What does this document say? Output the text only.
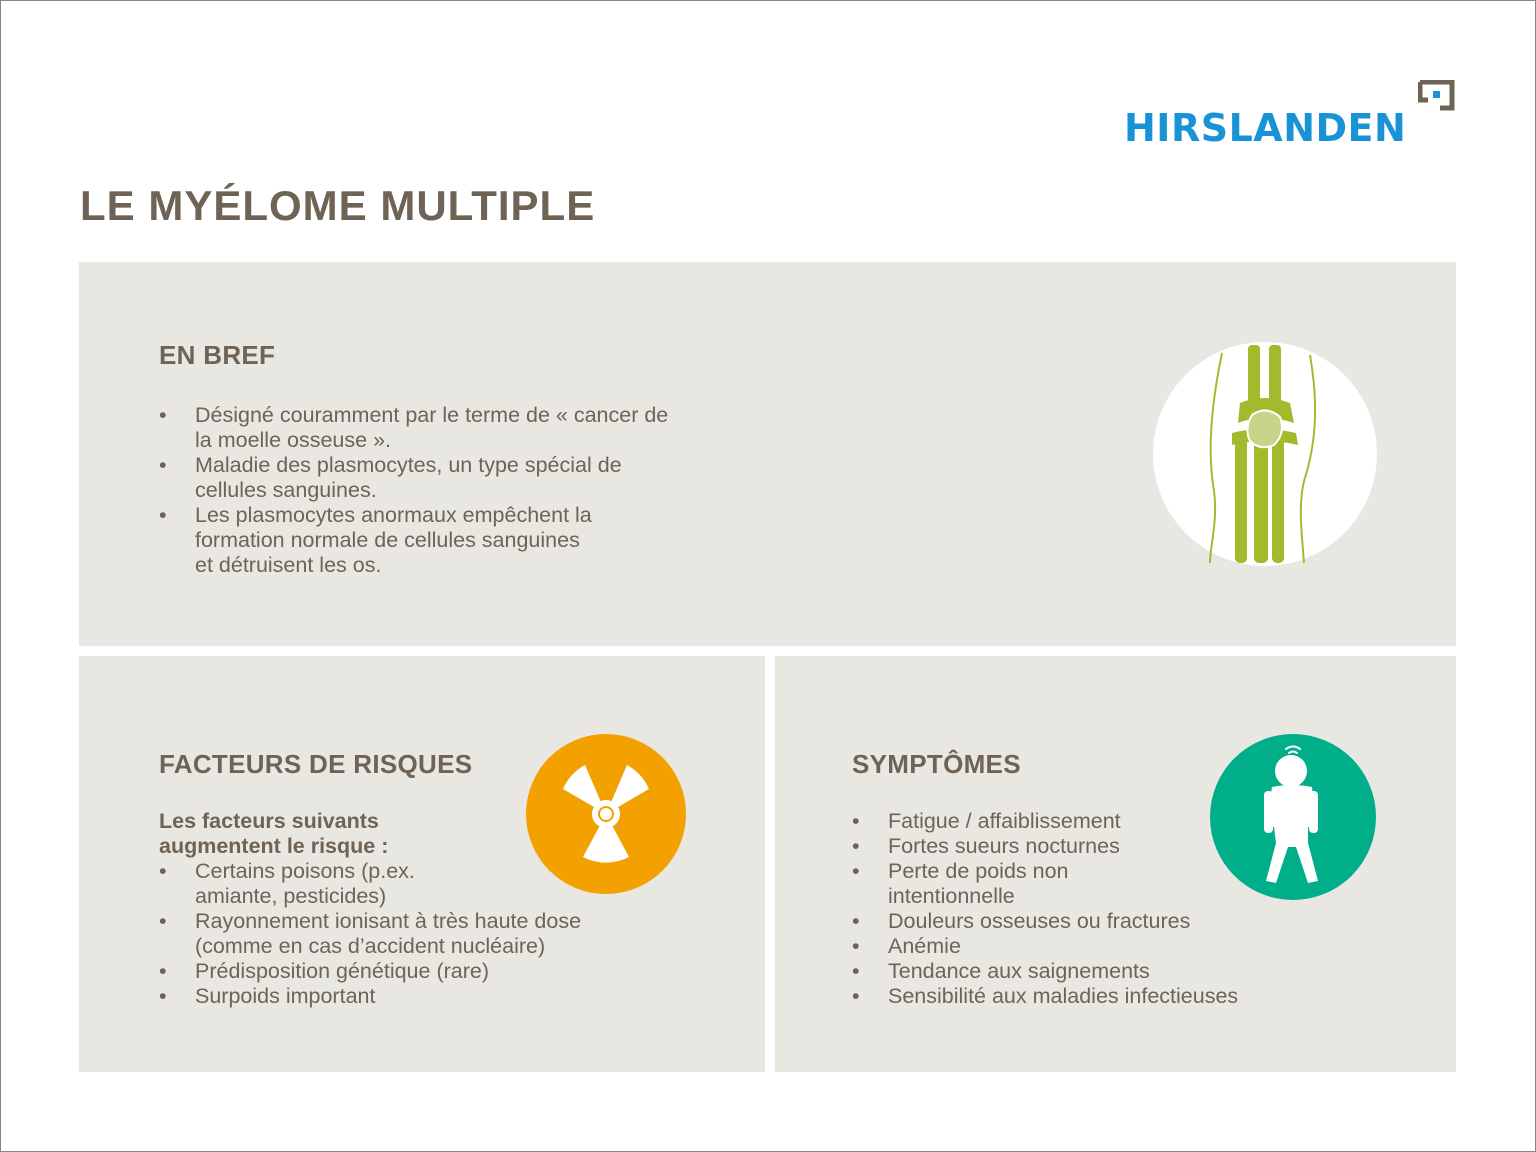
HIRSLANDEN
LE MYÉLOME MULTIPLE
EN BREF
• Désigné couramment par le terme de « cancer de
la moelle osseuse ».
• Maladie des plasmocytes, un type spécial de
cellules sanguines.
• Les plasmocytes anormaux empêchent la
formation normale de cellules sanguines
et détruisent les os.
FACTEURS DE RISQUES

Les facteurs suivants
augmentent le risque :

• Certains poisons (p.ex.
amiante, pesticides)
• Rayonnement ionisant à très haute dose
(comme en cas d’accident nucléaire)
• Prédisposition génétique (rare)
• Surpoids important
SYMPTÔMES
• Fatigue / affaiblissement
• Fortes sueurs nocturnes
• Perte de poids non
intentionnelle
• Douleurs osseuses ou fractures
• Anémie
• Tendance aux saignements
• Sensibilité aux maladies infectieuses
